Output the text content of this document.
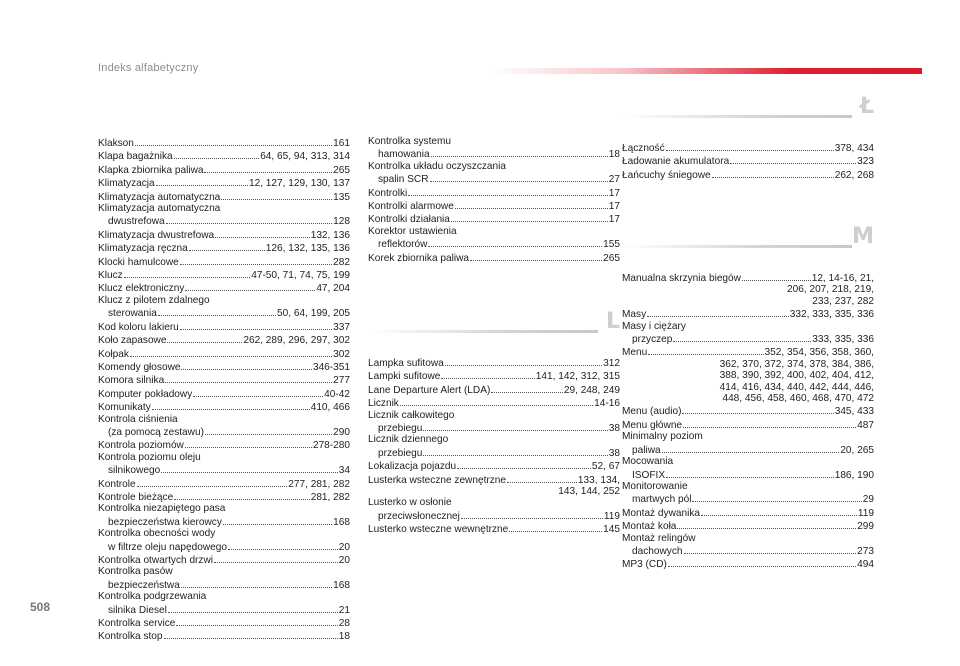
Indeks alfabetyczny
Klakson	161
Klapa bagażnika	64, 65, 94, 313, 314
Klapka zbiornika paliwa	265
Klimatyzacja	12, 127, 129, 130, 137
Klimatyzacja automatyczna	135
Klimatyzacja automatyczna
dwustrefowa	128
Klimatyzacja dwustrefowa	132, 136
Klimatyzacja ręczna	126, 132, 135, 136
Klocki hamulcowe	282
Klucz	47-50, 71, 74, 75, 199
Klucz elektroniczny	47, 204
Klucz z pilotem zdalnego
sterowania	50, 64, 199, 205
Kod koloru lakieru	337
Koło zapasowe	262, 289, 296, 297, 302
Kołpak	302
Komendy głosowe	346-351
Komora silnika	277
Komputer pokładowy	40-42
Komunikaty	410, 466
Kontrola ciśnienia
(za pomocą zestawu)	290
Kontrola poziomów	278-280
Kontrola poziomu oleju
silnikowego	34
Kontrole	277, 281, 282
Kontrole bieżące	281, 282
Kontrolka niezapiętego pasa
bezpieczeństwa kierowcy	168
Kontrolka obecności wody
w filtrze oleju napędowego	20
Kontrolka otwartych drzwi	20
Kontrolka pasów
bezpieczeństwa	168
Kontrolka podgrzewania
silnika Diesel	21
Kontrolka service	28
Kontrolka stop	18
Kontrolka systemu
hamowania	18
Kontrolka układu oczyszczania
spalin SCR	27
Kontrolki	17
Kontrolki alarmowe	17
Kontrolki działania	17
Korektor ustawienia
reflektorów	155
Korek zbiornika paliwa	265
L
Lampka sufitowa	312
Lampki sufitowe	141, 142, 312, 315
Lane Departure Alert (LDA)	29, 248, 249
Licznik	14-16
Licznik całkowitego
przebiegu	38
Licznik dziennego
przebiegu	38
Lokalizacja pojazdu	52, 67
Lusterka wsteczne zewnętrzne	133, 134,
143, 144, 252
Lusterko w osłonie
przeciwsłonecznej	119
Lusterko wsteczne wewnętrzne	145
Ł
Łączność	378, 434
Ładowanie akumulatora	323
Łańcuchy śniegowe	262, 268
M
Manualna skrzynia biegów	12, 14-16, 21,
206, 207, 218, 219,
233, 237, 282
Masy	332, 333, 335, 336
Masy i ciężary
przyczep	333, 335, 336
Menu	352, 354, 356, 358, 360,
362, 370, 372, 374, 378, 384, 386,
388, 390, 392, 400, 402, 404, 412,
414, 416, 434, 440, 442, 444, 446,
448, 456, 458, 460, 468, 470, 472
Menu (audio)	345, 433
Menu główne	487
Minimalny poziom
paliwa	20, 265
Mocowania
ISOFIX	186, 190
Monitorowanie
martwych pól	29
Montaż dywanika	119
Montaż koła	299
Montaż relingów
dachowych	273
MP3 (CD)	494
508
